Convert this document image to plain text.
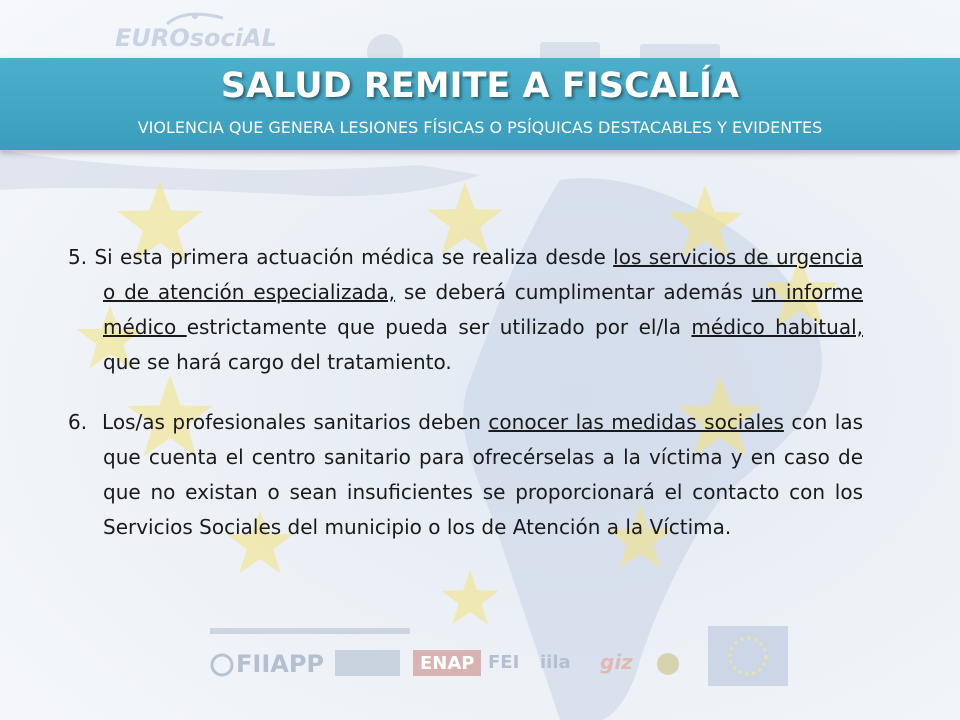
EUROsociAL
SALUD REMITE A FISCALÍA
VIOLENCIA QUE GENERA LESIONES FÍSICAS O PSÍQUICAS DESTACABLES Y EVIDENTES

5. Si esta primera actuación médica se realiza desde los servicios de urgencia o de atención especializada, se deberá cumplimentar además un informe médico estrictamente que pueda ser utilizado por el/la médico habitual, que se hará cargo del tratamiento.

6.  Los/as profesionales sanitarios deben conocer las medidas sociales con las que cuenta el centro sanitario para ofrecérselas a la víctima y en caso de que no existan o sean insuficientes se proporcionará el contacto con los Servicios Sociales del municipio o los de Atención a la Víctima.

FIIAPP	ENAP FEI iila giz
